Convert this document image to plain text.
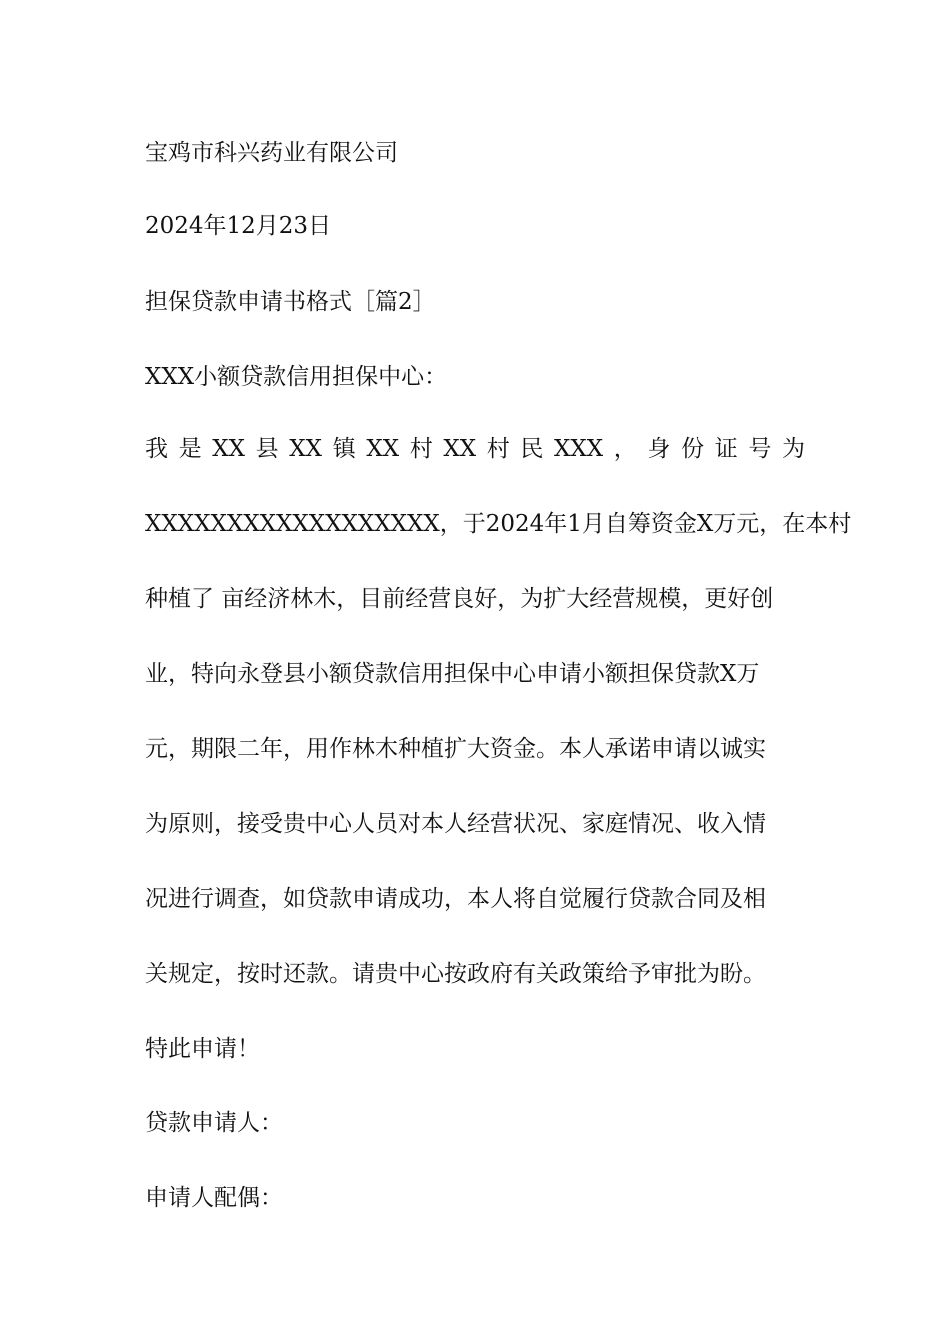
宝鸡市科兴药业有限公司
2024年12月23日
担保贷款申请书格式［篇2］
XXX小额贷款信用担保中心：
我是XX县XX镇XX村XX村民XXX，身份证号为
XXXXXXXXXXXXXXXXXX，于2024年1月自筹资金X万元，在本村
种植了 亩经济林木，目前经营良好，为扩大经营规模，更好创
业，特向永登县小额贷款信用担保中心申请小额担保贷款X万
元，期限二年，用作林木种植扩大资金。本人承诺申请以诚实
为原则，接受贵中心人员对本人经营状况、家庭情况、收入情
况进行调查，如贷款申请成功，本人将自觉履行贷款合同及相
关规定，按时还款。请贵中心按政府有关政策给予审批为盼。
特此申请！
贷款申请人：
申请人配偶：
